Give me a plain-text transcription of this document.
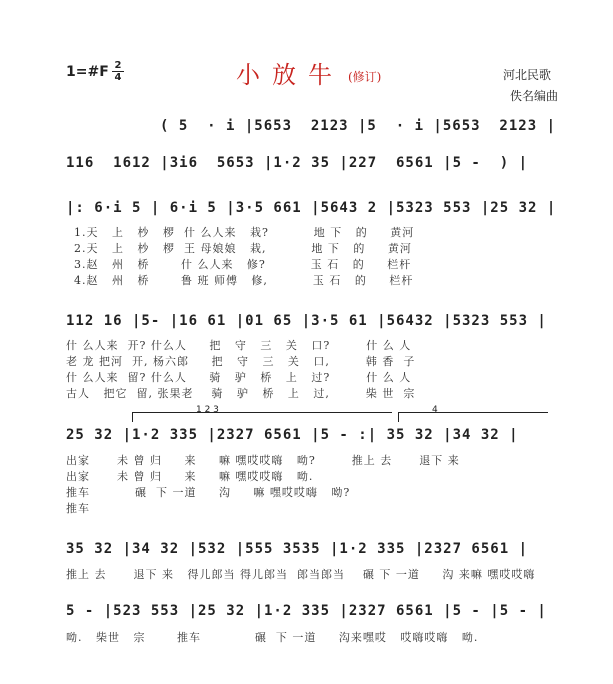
1=#F 2
4	小放牛 (修订)	河北民歌
佚名编曲
( 5  · i |5653  2123 |5  · i |5653  2123 |
116  1612 |3i6  5653 |1·2 35 |227  6561 |5 -  ) |
|: 6·i 5 | 6·i 5 |3·5 661 |5643 2 |5323 553 |25 32 |
1.天   上   杪   椤  什 么人来   栽?          地 下   的     黄河
2.天   上   杪   椤  王 母娘娘   栽,          地 下   的     黄河
3.赵   州   桥       什 么人来   修?          玉 石   的     栏杆
4.赵   州   桥       鲁 班 师傅   修,          玉 石   的     栏杆
112 16 |5- |16 61 |01 65 |3·5 61 |56432 |5323 553 |
什 么人来  开? 什么人     把   守   三   关   口?        什 么 人
老 龙 把河  开, 杨六郎     把   守   三   关   口,        韩 香  子
什 么人来  留? 什么人     骑   驴   桥   上   过?        什 么 人
古人   把它  留, 张果老    骑   驴   桥   上   过,        柴 世  宗
1 2 3	4
25 32 |1·2 335 |2327 6561 |5 - :| 35 32 |34 32 |
出家      未 曾 归     来     嘛 嘿哎哎嗨   呦?        推上 去      退下 来
出家      未 曾 归     来     嘛 嘿哎哎嗨   呦.
推车          碾  下 一道     沟     嘛 嘿哎哎嗨   呦?
推车
35 32 |34 32 |532 |555 3535 |1·2 335 |2327 6561 |
推上 去      退下 来   得儿郎当 得儿郎当  郎当郎当    碾 下 一道     沟 来嘛 嘿哎哎嗨
5 - |523 553 |25 32 |1·2 335 |2327 6561 |5 - |5 - |
呦.   柴世   宗       推车            碾  下 一道     沟来嘿哎   哎嗨哎嗨   呦.
